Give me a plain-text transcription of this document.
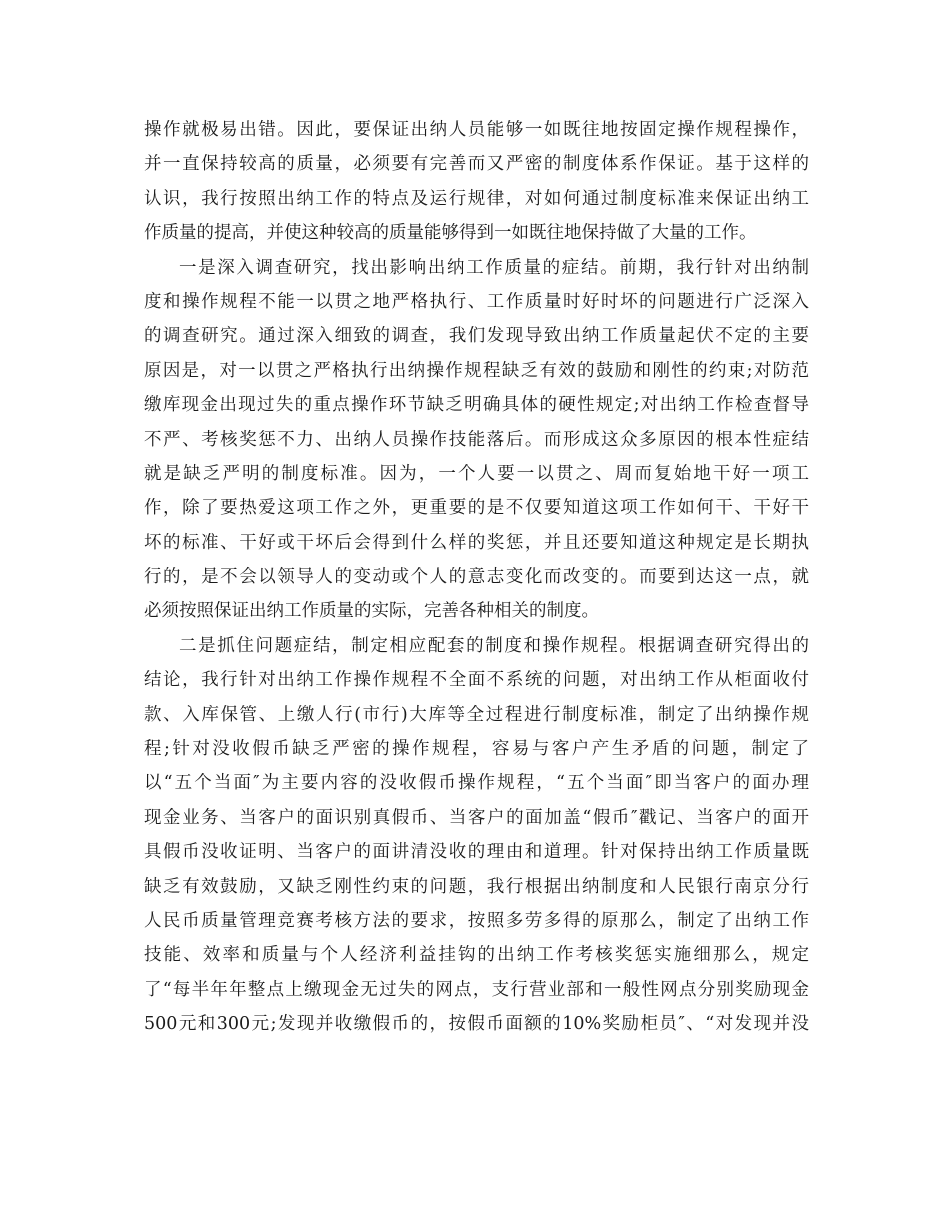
操作就极易出错。因此，要保证出纳人员能够一如既往地按固定操作规程操作，
并一直保持较高的质量，必须要有完善而又严密的制度体系作保证。基于这样的
认识，我行按照出纳工作的特点及运行规律，对如何通过制度标准来保证出纳工
作质量的提高，并使这种较高的质量能够得到一如既往地保持做了大量的工作。
一是深入调查研究，找出影响出纳工作质量的症结。前期，我行针对出纳制
度和操作规程不能一以贯之地严格执行、工作质量时好时坏的问题进行广泛深入
的调查研究。通过深入细致的调查，我们发现导致出纳工作质量起伏不定的主要
原因是，对一以贯之严格执行出纳操作规程缺乏有效的鼓励和刚性的约束;对防范
缴库现金出现过失的重点操作环节缺乏明确具体的硬性规定;对出纳工作检查督导
不严、考核奖惩不力、出纳人员操作技能落后。而形成这众多原因的根本性症结
就是缺乏严明的制度标准。因为，一个人要一以贯之、周而复始地干好一项工
作，除了要热爱这项工作之外，更重要的是不仅要知道这项工作如何干、干好干
坏的标准、干好或干坏后会得到什么样的奖惩，并且还要知道这种规定是长期执
行的，是不会以领导人的变动或个人的意志变化而改变的。而要到达这一点，就
必须按照保证出纳工作质量的实际，完善各种相关的制度。
二是抓住问题症结，制定相应配套的制度和操作规程。根据调查研究得出的
结论，我行针对出纳工作操作规程不全面不系统的问题，对出纳工作从柜面收付
款、入库保管、上缴人行(市行)大库等全过程进行制度标准，制定了出纳操作规
程;针对没收假币缺乏严密的操作规程，容易与客户产生矛盾的问题，制定了
以“五个当面″为主要内容的没收假币操作规程，“五个当面″即当客户的面办理
现金业务、当客户的面识别真假币、当客户的面加盖“假币″戳记、当客户的面开
具假币没收证明、当客户的面讲清没收的理由和道理。针对保持出纳工作质量既
缺乏有效鼓励，又缺乏刚性约束的问题，我行根据出纳制度和人民银行南京分行
人民币质量管理竞赛考核方法的要求，按照多劳多得的原那么，制定了出纳工作
技能、效率和质量与个人经济利益挂钩的出纳工作考核奖惩实施细那么，规定
了“每半年年整点上缴现金无过失的网点，支行营业部和一般性网点分别奖励现金
500元和300元;发现并收缴假币的，按假币面额的10%奖励柜员″、“对发现并没
